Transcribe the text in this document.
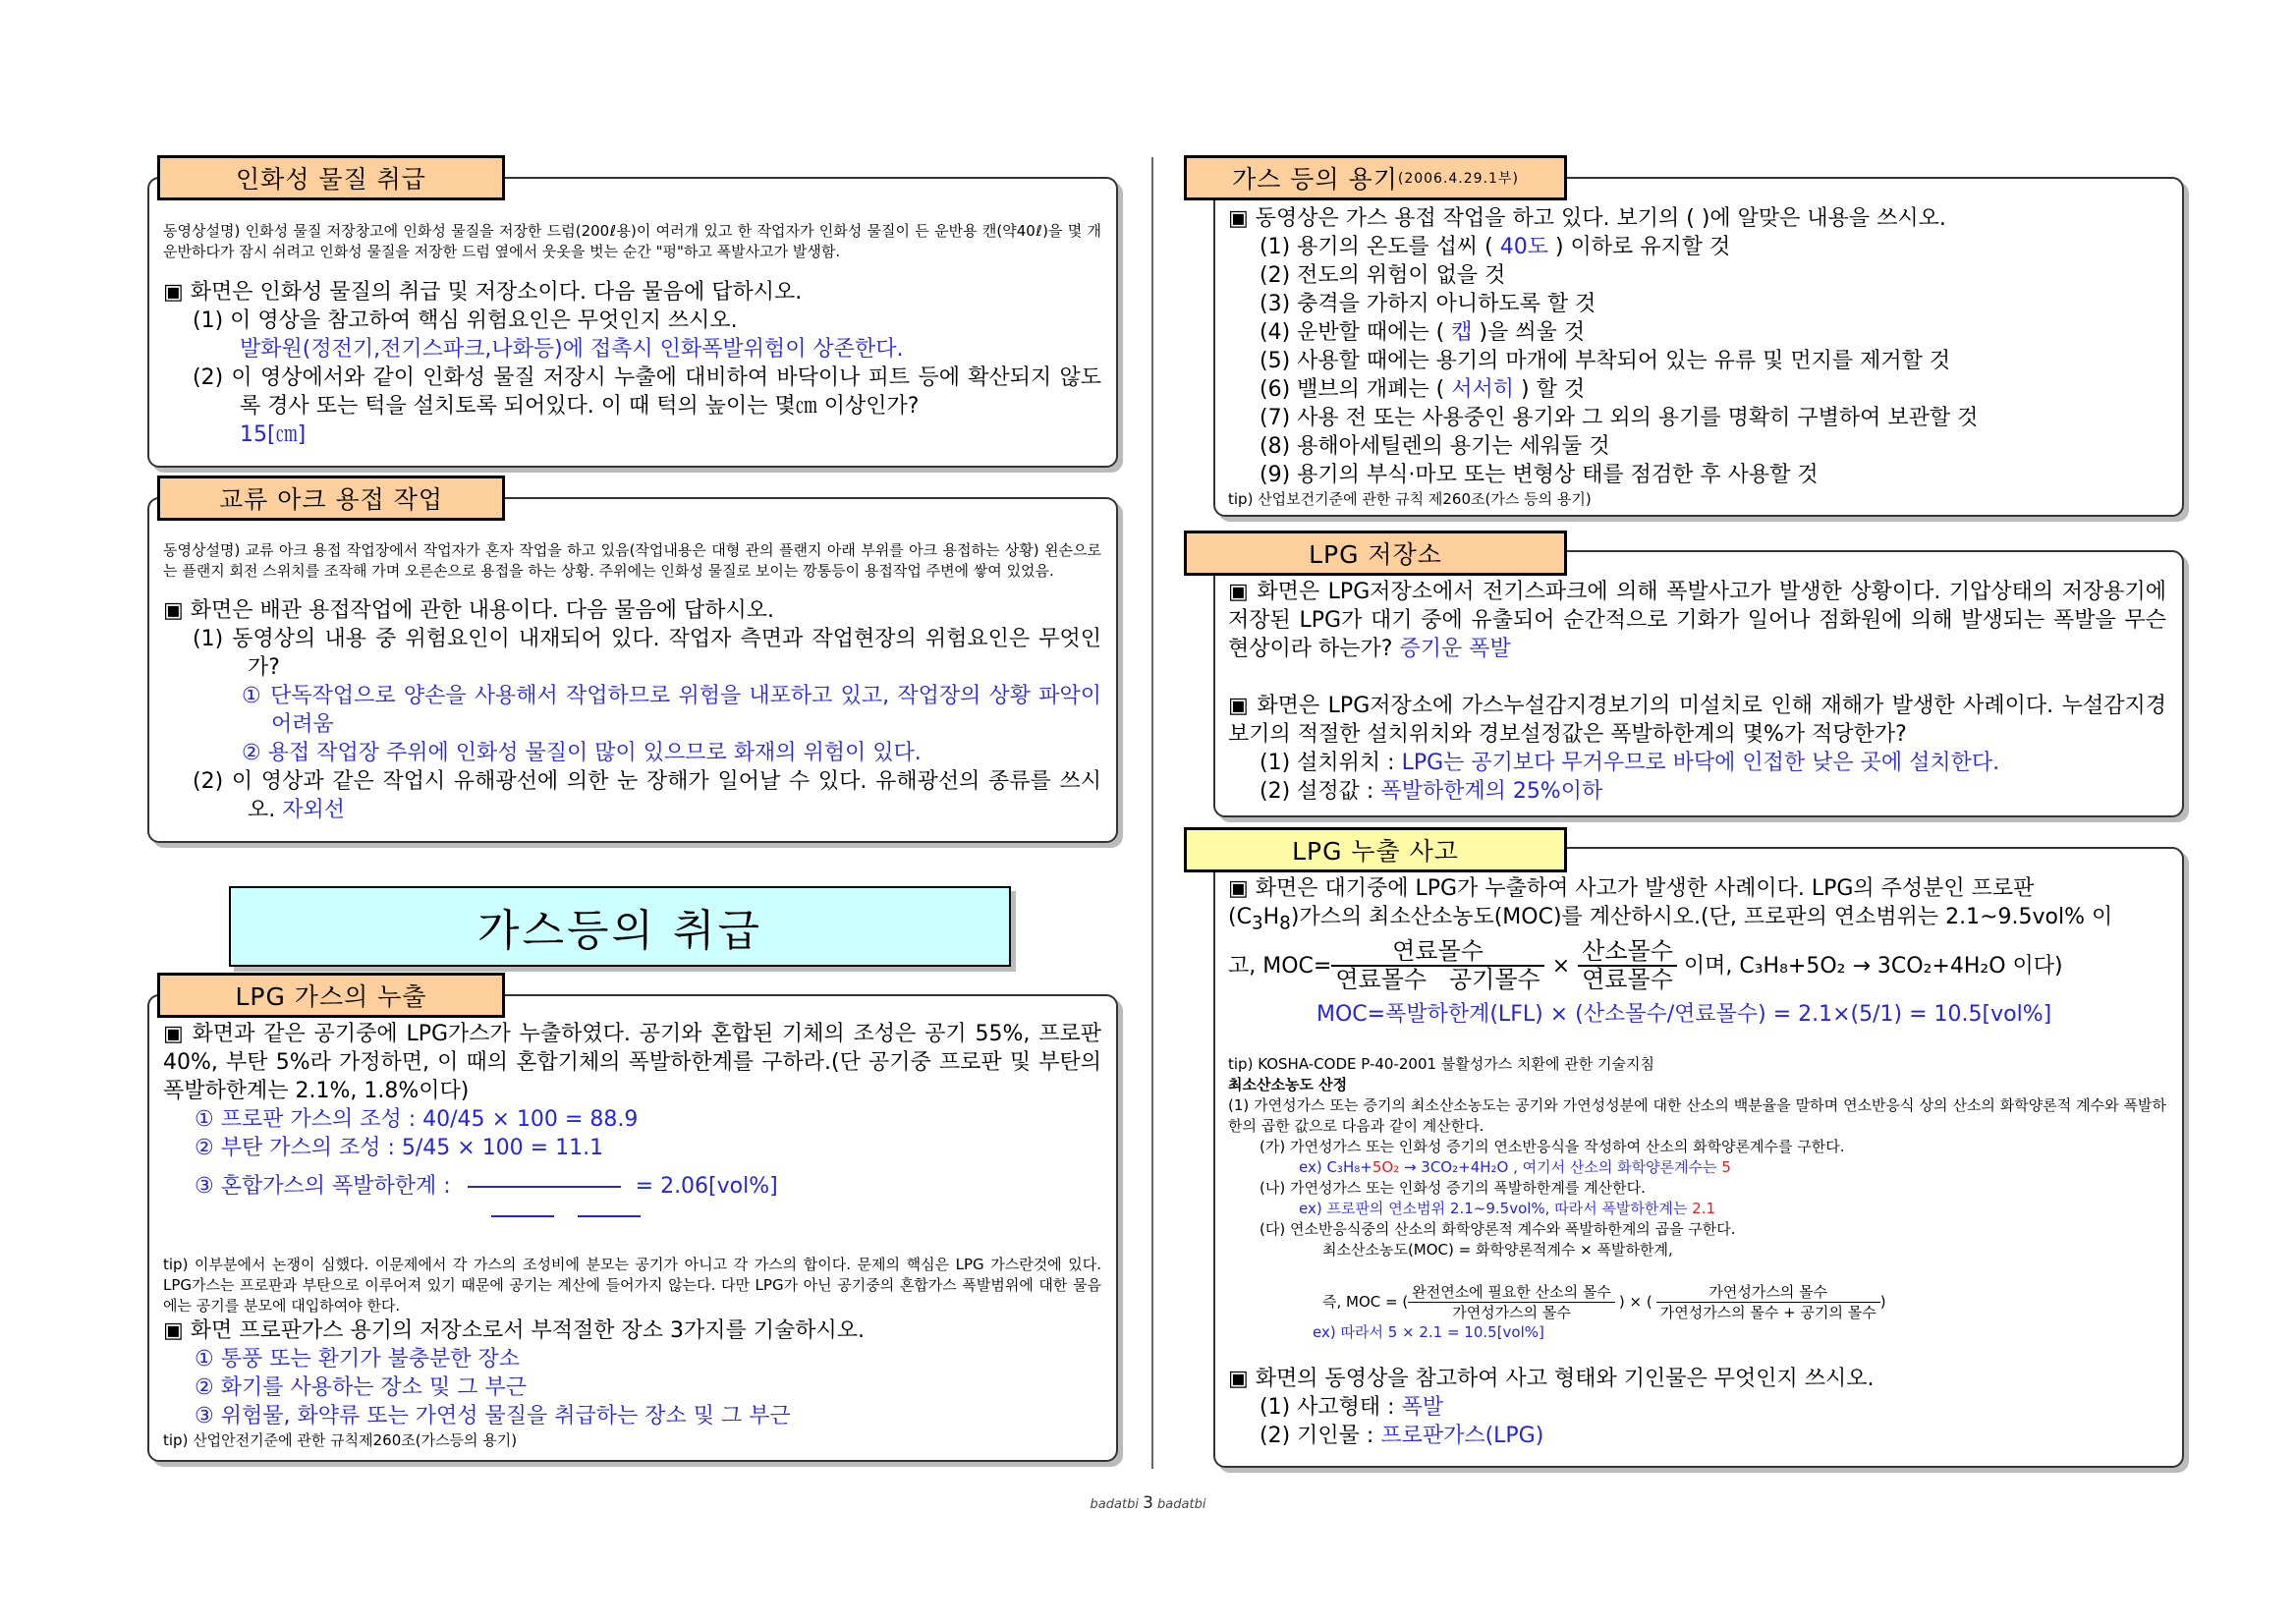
인화성 물질 취급

동영상설명) 인화성 물질 저장창고에 인화성 물질을 저장한 드럼(200ℓ용)이 여러개 있고 한 작업자가 인화성 물질이 든 운반용 캔(약40ℓ)을 몇 개 운반하다가 잠시 쉬려고 인화성 물질을 저장한 드럼 옆에서 웃옷을 벗는 순간 "펑"하고 폭발사고가 발생함.

▣ 화면은 인화성 물질의 취급 및 저장소이다. 다음 물음에 답하시오.

(1) 이 영상을 참고하여 핵심 위험요인은 무엇인지 쓰시오.

발화원(정전기,전기스파크,나화등)에 접촉시 인화폭발위험이 상존한다.

(2) 이 영상에서와 같이 인화성 물질 저장시 누출에 대비하여 바닥이나 피트 등에 확산되지 않도록 경사 또는 턱을 설치토록 되어있다. 이 때 턱의 높이는 몇㎝ 이상인가?

15[㎝]

교류 아크 용접 작업

동영상설명) 교류 아크 용접 작업장에서 작업자가 혼자 작업을 하고 있음(작업내용은 대형 관의 플랜지 아래 부위를 아크 용접하는 상황) 왼손으로는 플랜지 회전 스위치를 조작해 가며 오른손으로 용접을 하는 상황. 주위에는 인화성 물질로 보이는 깡통등이 용접작업 주변에 쌓여 있었음.

▣ 화면은 배관 용접작업에 관한 내용이다. 다음 물음에 답하시오.

(1) 동영상의 내용 중 위험요인이 내재되어 있다. 작업자 측면과 작업현장의 위험요인은 무엇인가?

① 단독작업으로 양손을 사용해서 작업하므로 위험을 내포하고 있고, 작업장의 상황 파악이 어려움

② 용접 작업장 주위에 인화성 물질이 많이 있으므로 화재의 위험이 있다.

(2) 이 영상과 같은 작업시 유해광선에 의한 눈 장해가 일어날 수 있다. 유해광선의 종류를 쓰시오. 자외선

가스등의 취급
LPG 가스의 누출

▣ 화면과 같은 공기중에 LPG가스가 누출하였다. 공기와 혼합된 기체의 조성은 공기 55%, 프로판 40%, 부탄 5%라 가정하면, 이 때의 혼합기체의 폭발하한계를 구하라.(단 공기중 프로판 및 부탄의 폭발하한계는 2.1%, 1.8%이다)

① 프로판 가스의 조성 : 40/45 × 100 = 88.9

② 부탄 가스의 조성 : 5/45 × 100 = 11.1

③ 혼합가스의 폭발하한계 :	= 2.06[vol%]

tip) 이부분에서 논쟁이 심했다. 이문제에서 각 가스의 조성비에 분모는 공기가 아니고 각 가스의 합이다. 문제의 핵심은 LPG 가스란것에 있다. LPG가스는 프로판과 부탄으로 이루어져 있기 때문에 공기는 계산에 들어가지 않는다. 다만 LPG가 아닌 공기중의 혼합가스 폭발범위에 대한 물음에는 공기를 분모에 대입하여야 한다.

▣ 화면 프로판가스 용기의 저장소로서 부적절한 장소 3가지를 기술하시오.

① 통풍 또는 환기가 불충분한 장소

② 화기를 사용하는 장소 및 그 부근

③ 위험물, 화약류 또는 가연성 물질을 취급하는 장소 및 그 부근

tip) 산업안전기준에 관한 규칙제260조(가스등의 용기)

가스 등의 용기 (2006.4.29.1부)

▣ 동영상은 가스 용접 작업을 하고 있다. 보기의 ( )에 알맞은 내용을 쓰시오.

(1) 용기의 온도를 섭씨 ( 40도 ) 이하로 유지할 것

(2) 전도의 위험이 없을 것

(3) 충격을 가하지 아니하도록 할 것

(4) 운반할 때에는 ( 캡 )을 씌울 것

(5) 사용할 때에는 용기의 마개에 부착되어 있는 유류 및 먼지를 제거할 것

(6) 밸브의 개폐는 ( 서서히 ) 할 것

(7) 사용 전 또는 사용중인 용기와 그 외의 용기를 명확히 구별하여 보관할 것

(8) 용해아세틸렌의 용기는 세워둘 것

(9) 용기의 부식·마모 또는 변형상 태를 점검한 후 사용할 것

tip) 산업보건기준에 관한 규칙 제260조(가스 등의 용기)

LPG 저장소

▣ 화면은 LPG저장소에서 전기스파크에 의해 폭발사고가 발생한 상황이다. 기압상태의 저장용기에 저장된 LPG가 대기 중에 유출되어 순간적으로 기화가 일어나 점화원에 의해 발생되는 폭발을 무슨 현상이라 하는가? 증기운 폭발

▣ 화면은 LPG저장소에 가스누설감지경보기의 미설치로 인해 재해가 발생한 사례이다. 누설감지경보기의 적절한 설치위치와 경보설정값은 폭발하한계의 몇%가 적당한가?

(1) 설치위치 : LPG는 공기보다 무거우므로 바닥에 인접한 낮은 곳에 설치한다.

(2) 설정값 : 폭발하한계의 25%이하

LPG 누출 사고

▣ 화면은 대기중에 LPG가 누출하여 사고가 발생한 사례이다. LPG의 주성분인 프로판

$(C_3H_8)$가스의 최소산소농도(MOC)를 계산하시오.(단, 프로판의 연소범위는 2.1~9.5vol% 이

고, $MOC= \frac{\text{연료몰수}}{\text{연료몰수   공기몰수}} \times \frac{\text{산소몰수}}{\text{연료몰수}}$ 이며, C₃H₈+5O₂ → 3CO₂+4H₂O 이다)

MOC=폭발하한계(LFL) × (산소몰수/연료몰수) = 2.1×(5/1) = 10.5[vol%]

tip) KOSHA-CODE P-40-2001 불활성가스 치환에 관한 기술지침

최소산소농도 산정

(1) 가연성가스 또는 증기의 최소산소농도는 공기와 가연성성분에 대한 산소의 백분율을 말하며 연소반응식 상의 산소의 화학양론적 계수와 폭발하한의 곱한 값으로 다음과 같이 계산한다.

(가) 가연성가스 또는 인화성 증기의 연소반응식을 작성하여 산소의 화학양론계수를 구한다.

ex) C₃H₈+5O₂ → 3CO₂+4H₂O , 여기서 산소의 화학양론계수는 5

(나) 가연성가스 또는 인화성 증기의 폭발하한계를 계산한다.

ex) 프로판의 연소범위 2.1~9.5vol%, 따라서 폭발하한계는 2.1

(다) 연소반응식중의 산소의 화학양론적 계수와 폭발하한계의 곱을 구한다.

최소산소농도(MOC) = 화학양론적계수 × 폭발하한계,

즉, MOC = ( $\frac{\text{완전연소에 필요한 산소의 몰수}}{\text{가연성가스의 몰수}}$ ) × ( $\frac{\text{가연성가스의 몰수}}{\text{가연성가스의 몰수 + 공기의 몰수}}$ )

ex) 따라서 5 × 2.1 = 10.5[vol%]

▣ 화면의 동영상을 참고하여 사고 형태와 기인물은 무엇인지 쓰시오.

(1) 사고형태 : 폭발

(2) 기인물 : 프로판가스(LPG)

badatbi 3 badatbi
